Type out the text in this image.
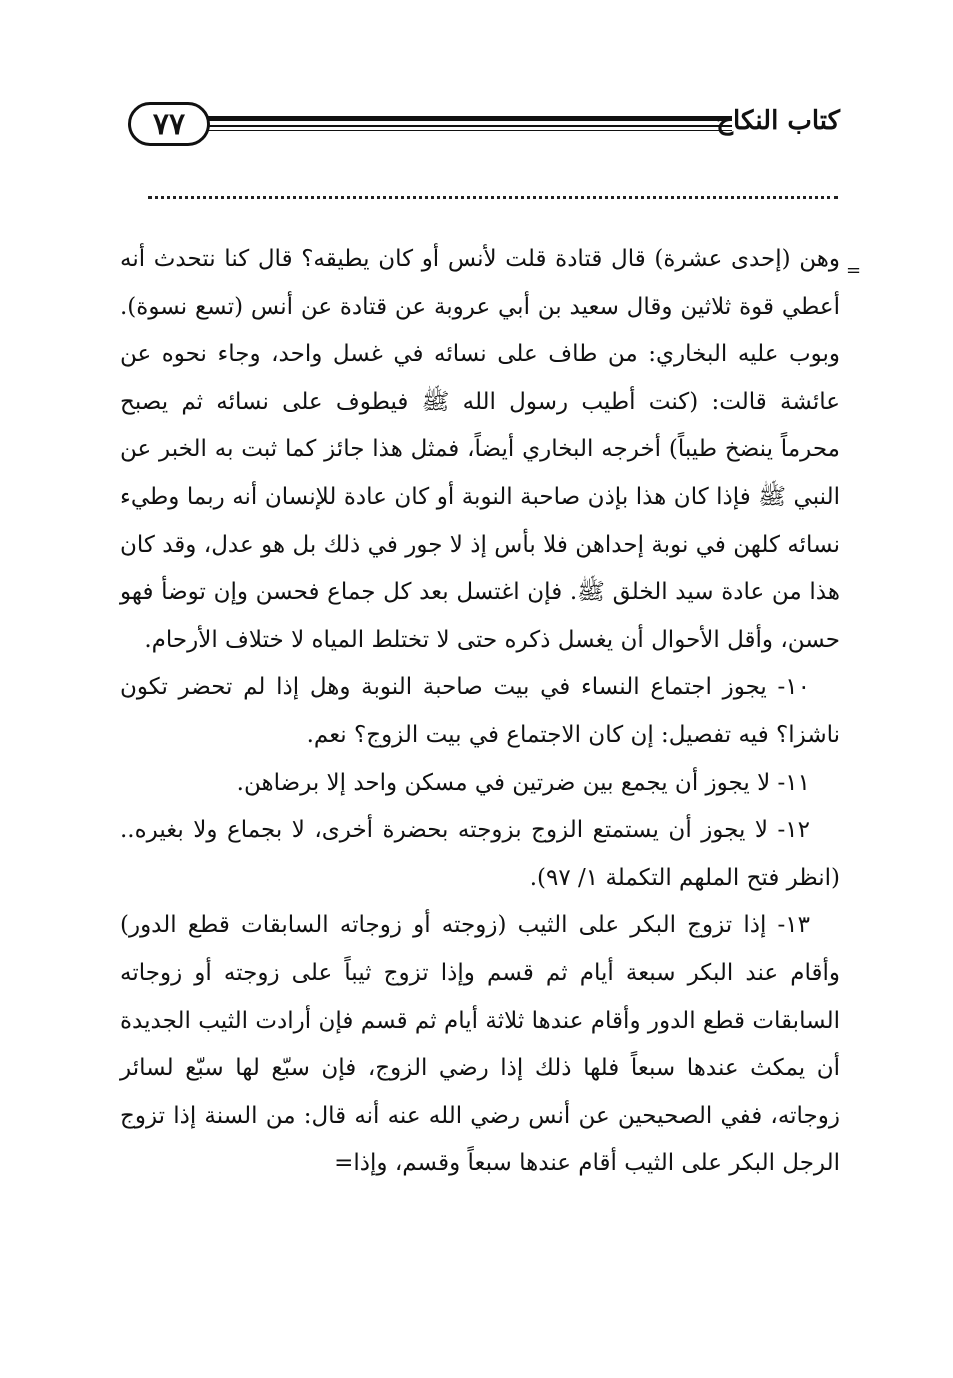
٧٧	كتاب النكاح
=

وهن (إحدى عشرة) قال قتادة قلت لأنس أو كان يطيقه؟ قال كنا نتحدث أنه أعطي قوة ثلاثين وقال سعيد بن أبي عروبة عن قتادة عن أنس (تسع نسوة). وبوب عليه البخاري: من طاف على نسائه في غسل واحد، وجاء نحوه عن عائشة قالت: (كنت أطيب رسول الله ﷺ فيطوف على نسائه ثم يصبح محرماً ينضخ طيباً) أخرجه البخاري أيضاً، فمثل هذا جائز كما ثبت به الخبر عن النبي ﷺ فإذا كان هذا بإذن صاحبة النوبة أو كان عادة للإنسان أنه ربما وطيء نسائه كلهن في نوبة إحداهن فلا بأس إذ لا جور في ذلك بل هو عدل، وقد كان هذا من عادة سيد الخلق ﷺ. فإن اغتسل بعد كل جماع فحسن وإن توضأ فهو حسن، وأقل الأحوال أن يغسل ذكره حتى لا تختلط المياه لا ختلاف الأرحام.

١٠- يجوز اجتماع النساء في بيت صاحبة النوبة وهل إذا لم تحضر تكون ناشزا؟ فيه تفصيل: إن كان الاجتماع في بيت الزوج؟ نعم.

١١- لا يجوز أن يجمع بين ضرتين في مسكن واحد إلا برضاهن.

١٢- لا يجوز أن يستمتع الزوج بزوجته بحضرة أخرى، لا بجماع ولا بغيره.. (انظر فتح الملهم التكملة ١/ ٩٧).

١٣- إذا تزوج البكر على الثيب (زوجته أو زوجاته السابقات قطع الدور) وأقام عند البكر سبعة أيام ثم قسم وإذا تزوج ثيباً على زوجته أو زوجاته السابقات قطع الدور وأقام عندها ثلاثة أيام ثم قسم فإن أرادت الثيب الجديدة أن يمكث عندها سبعاً فلها ذلك إذا رضي الزوج، فإن سبّع لها سبّع لسائر زوجاته، ففي الصحيحين عن أنس رضي الله عنه أنه قال: من السنة إذا تزوج الرجل البكر على الثيب أقام عندها سبعاً وقسم، وإذا=
